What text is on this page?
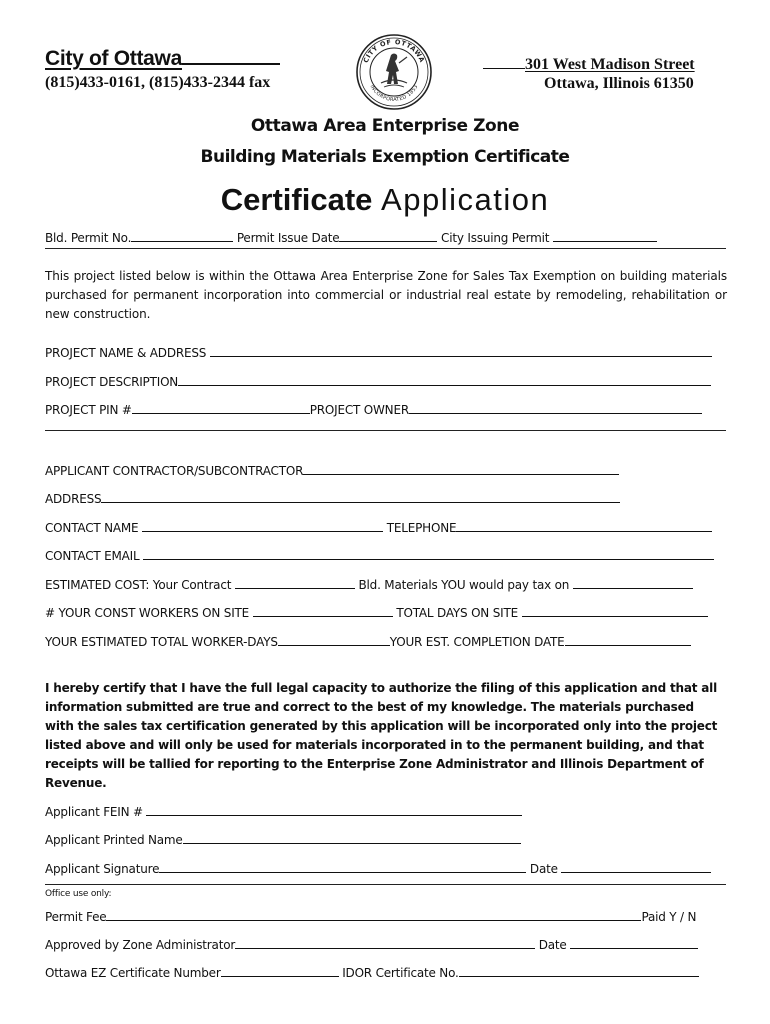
City of Ottawa
(815)433-0161, (815)433-2344 fax
CITY OF OTTAWA
INCORPORATED 1853
301 West Madison Street
Ottawa, Illinois 61350
Ottawa Area Enterprise Zone
Building Materials Exemption Certificate
Certificate Application
Bld. Permit No.	Permit Issue Date	City Issuing Permit
This project listed below is within the Ottawa Area Enterprise Zone for Sales Tax Exemption on building materials purchased for permanent incorporation into commercial or industrial real estate by remodeling, rehabilitation or new construction.
PROJECT NAME & ADDRESS
PROJECT DESCRIPTION
PROJECT PIN #	PROJECT OWNER
APPLICANT CONTRACTOR/SUBCONTRACTOR
ADDRESS
CONTACT NAME	TELEPHONE
CONTACT EMAIL
ESTIMATED COST: Your Contract	Bld. Materials YOU would pay tax on
# YOUR CONST WORKERS ON SITE	TOTAL DAYS ON SITE
YOUR ESTIMATED TOTAL WORKER-DAYS	YOUR EST. COMPLETION DATE
I hereby certify that I have the full legal capacity to authorize the filing of this application and that all information submitted are true and correct to the best of my knowledge. The materials purchased with the sales tax certification generated by this application will be incorporated only into the project listed above and will only be used for materials incorporated in to the permanent building, and that receipts will be tallied for reporting to the Enterprise Zone Administrator and Illinois Department of Revenue.
Applicant FEIN #
Applicant Printed Name
Applicant Signature	Date
Office use only:
Permit Fee	Paid Y / N
Approved by Zone Administrator	Date
Ottawa EZ Certificate Number	IDOR Certificate No.
